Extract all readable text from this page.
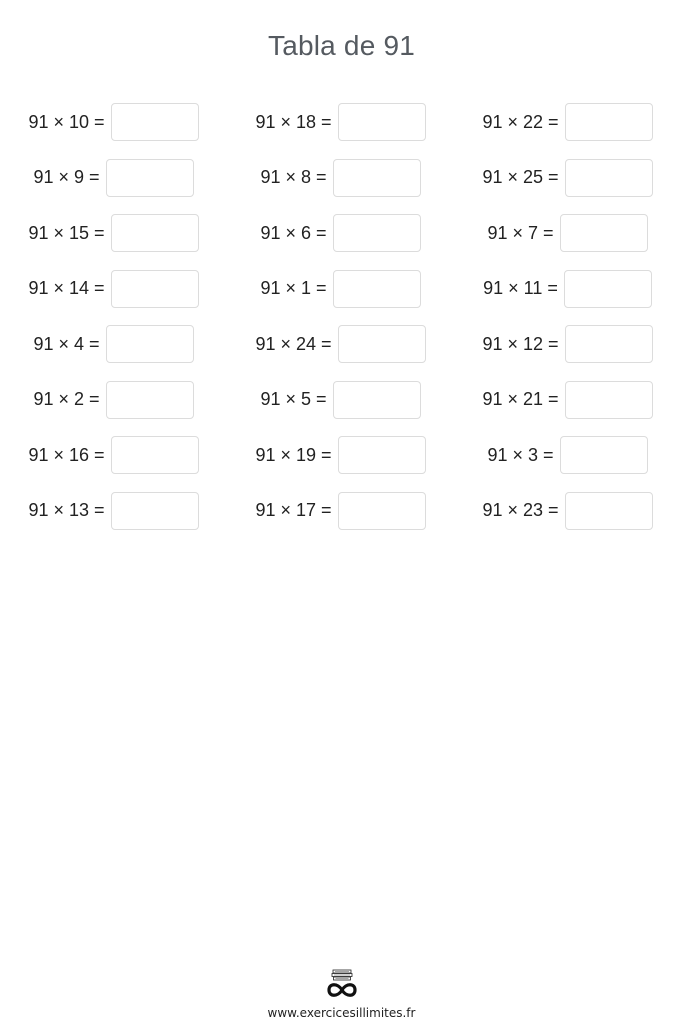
Tabla de 91
91 × 10 =
91 × 9 =
91 × 15 =
91 × 14 =
91 × 4 =
91 × 2 =
91 × 16 =
91 × 13 =
91 × 18 =
91 × 8 =
91 × 6 =
91 × 1 =
91 × 24 =
91 × 5 =
91 × 19 =
91 × 17 =
91 × 22 =
91 × 25 =
91 × 7 =
91 × 11 =
91 × 12 =
91 × 21 =
91 × 3 =
91 × 23 =
www.exercicesillimites.fr
